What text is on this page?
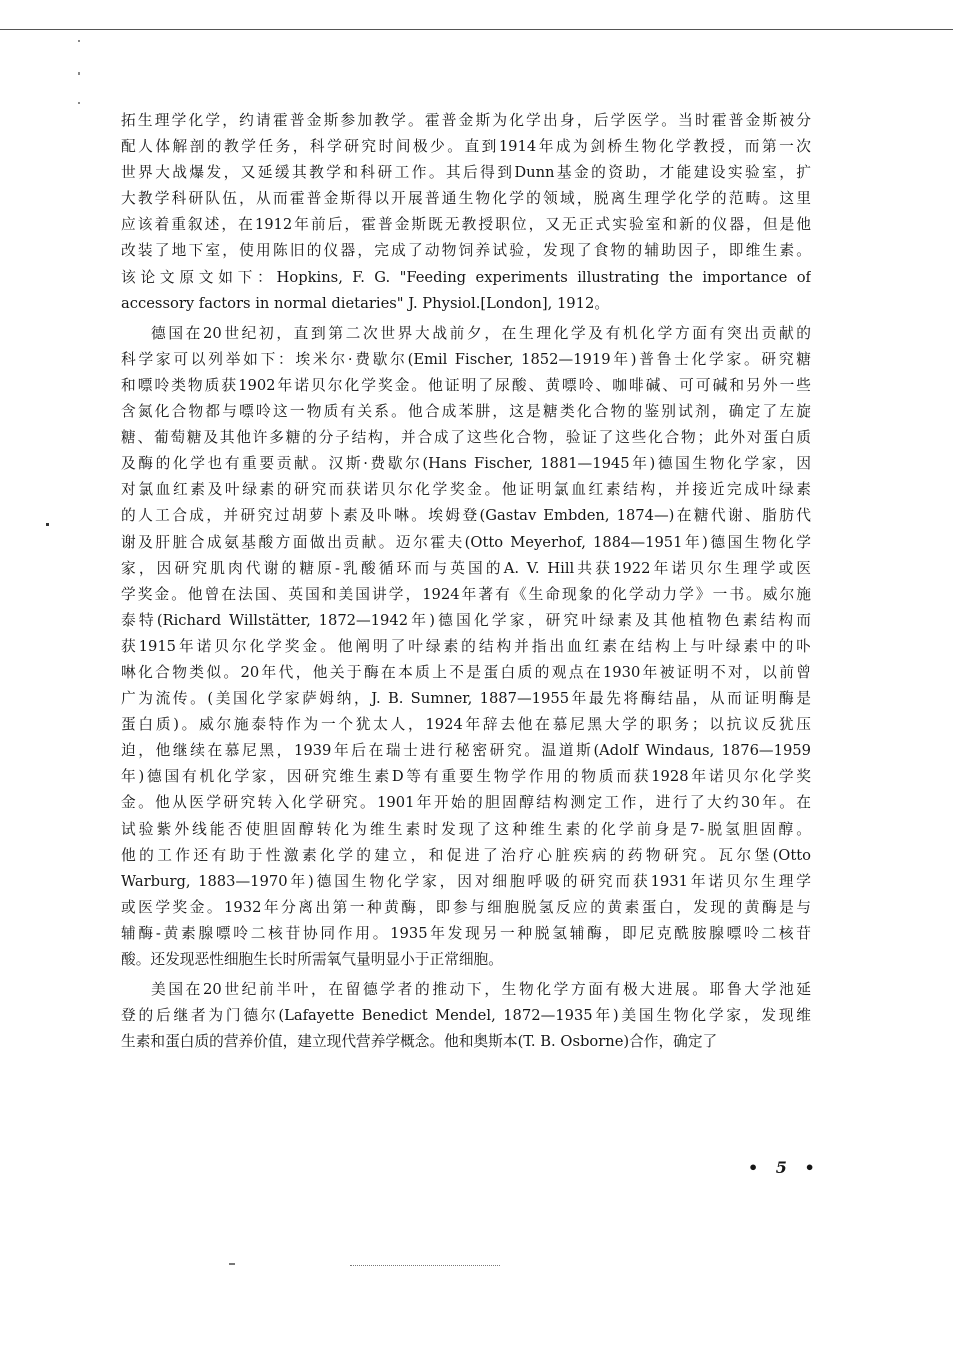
拓生理学化学，约请霍普金斯参加教学。霍普金斯为化学出身，后学医学。当时霍普金斯被分
配人体解剖的教学任务，科学研究时间极少。直到1914年成为剑桥生物化学教授，而第一次
世界大战爆发，又延缓其教学和科研工作。其后得到Dunn基金的资助，才能建设实验室，扩
大教学科研队伍，从而霍普金斯得以开展普通生物化学的领域，脱离生理学化学的范畴。这里
应该着重叙述，在1912年前后，霍普金斯既无教授职位，又无正式实验室和新的仪器，但是他
改装了地下室，使用陈旧的仪器，完成了动物饲养试验，发现了食物的辅助因子，即维生素。
该论文原文如下：Hopkins, F. G. "Feeding experiments illustrating the importance of
accessory factors in normal dietaries" J. Physiol.[London], 1912。
德国在20世纪初，直到第二次世界大战前夕，在生理化学及有机化学方面有突出贡献的
科学家可以列举如下：埃米尔·费歇尔(Emil Fischer, 1852—1919年)普鲁士化学家。研究糖
和嘌呤类物质获1902年诺贝尔化学奖金。他证明了尿酸、黄嘌呤、咖啡碱、可可碱和另外一些
含氮化合物都与嘌呤这一物质有关系。他合成苯肼，这是糖类化合物的鉴别试剂，确定了左旋
糖、葡萄糖及其他许多糖的分子结构，并合成了这些化合物，验证了这些化合物；此外对蛋白质
及酶的化学也有重要贡献。汉斯·费歇尔(Hans Fischer, 1881—1945年)德国生物化学家，因
对氯血红素及叶绿素的研究而获诺贝尔化学奖金。他证明氯血红素结构，并接近完成叶绿素
的人工合成，并研究过胡萝卜素及卟啉。埃姆登(Gastav Embden, 1874—)在糖代谢、脂肪代
谢及肝脏合成氨基酸方面做出贡献。迈尔霍夫(Otto Meyerhof, 1884—1951年)德国生物化学
家，因研究肌肉代谢的糖原-乳酸循环而与英国的A. V. Hill共获1922年诺贝尔生理学或医
学奖金。他曾在法国、英国和美国讲学，1924年著有《生命现象的化学动力学》一书。威尔施
泰特(Richard Willstätter, 1872—1942年)德国化学家，研究叶绿素及其他植物色素结构而
获1915年诺贝尔化学奖金。他阐明了叶绿素的结构并指出血红素在结构上与叶绿素中的卟
啉化合物类似。20年代，他关于酶在本质上不是蛋白质的观点在1930年被证明不对，以前曾
广为流传。(美国化学家萨姆纳，J. B. Sumner, 1887—1955年最先将酶结晶，从而证明酶是
蛋白质)。威尔施泰特作为一个犹太人，1924年辞去他在慕尼黑大学的职务；以抗议反犹压
迫，他继续在慕尼黑，1939年后在瑞士进行秘密研究。温道斯(Adolf Windaus, 1876—1959
年)德国有机化学家，因研究维生素D等有重要生物学作用的物质而获1928年诺贝尔化学奖
金。他从医学研究转入化学研究。1901年开始的胆固醇结构测定工作，进行了大约30年。在
试验紫外线能否使胆固醇转化为维生素时发现了这种维生素的化学前身是7-脱氢胆固醇。
他的工作还有助于性激素化学的建立，和促进了治疗心脏疾病的药物研究。瓦尔堡(Otto
Warburg, 1883—1970年)德国生物化学家，因对细胞呼吸的研究而获1931年诺贝尔生理学
或医学奖金。1932年分离出第一种黄酶，即参与细胞脱氢反应的黄素蛋白，发现的黄酶是与
辅酶-黄素腺嘌呤二核苷协同作用。1935年发现另一种脱氢辅酶，即尼克酰胺腺嘌呤二核苷
酸。还发现恶性细胞生长时所需氧气量明显小于正常细胞。
美国在20世纪前半叶，在留德学者的推动下，生物化学方面有极大进展。耶鲁大学池延
登的后继者为门德尔(Lafayette Benedict Mendel, 1872—1935年)美国生物化学家，发现维
生素和蛋白质的营养价值，建立现代营养学概念。他和奥斯本(T. B. Osborne)合作，确定了
• 5 •
